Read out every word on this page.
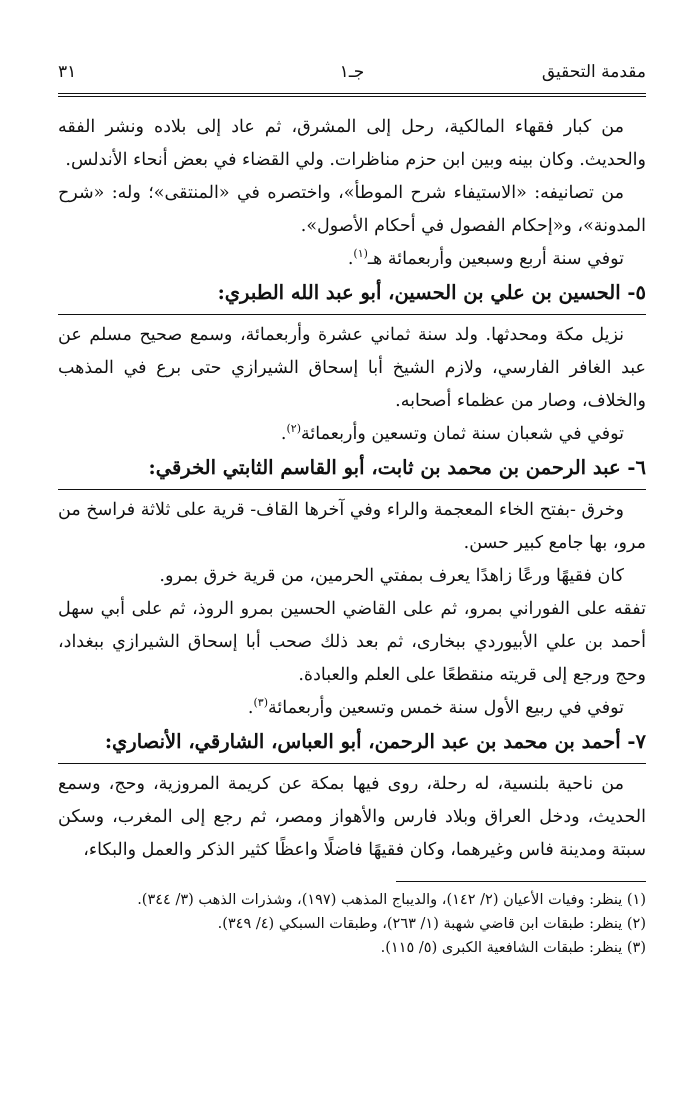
مقدمة التحقيق
جـ١
٣١

من كبار فقهاء المالكية، رحل إلى المشرق، ثم عاد إلى بلاده ونشر الفقه والحديث. وكان بينه وبين ابن حزم مناظرات. ولي القضاء في بعض أنحاء الأندلس.

من تصانيفه: «الاستيفاء شرح الموطأ»، واختصره في «المنتقى»؛ وله: «شرح المدونة»، و«إحكام الفصول في أحكام الأصول».

توفي سنة أربع وسبعين وأربعمائة هـ$^{(١)}$.

٥- الحسين بن علي بن الحسين، أبو عبد الله الطبري:

نزيل مكة ومحدثها. ولد سنة ثماني عشرة وأربعمائة، وسمع صحيح مسلم عن عبد الغافر الفارسي، ولازم الشيخ أبا إسحاق الشيرازي حتى برع في المذهب والخلاف، وصار من عظماء أصحابه.

توفي في شعبان سنة ثمان وتسعين وأربعمائة$^{(٢)}$.

٦- عبد الرحمن بن محمد بن ثابت، أبو القاسم الثابتي الخرقي:

وخرق -بفتح الخاء المعجمة والراء وفي آخرها القاف- قرية على ثلاثة فراسخ من مرو، بها جامع كبير حسن.

كان فقيهًا ورعًا زاهدًا يعرف بمفتي الحرمين، من قرية خرق بمرو.

تفقه على الفوراني بمرو، ثم على القاضي الحسين بمرو الروذ، ثم على أبي سهل أحمد بن علي الأبيوردي ببخارى، ثم بعد ذلك صحب أبا إسحاق الشيرازي ببغداد، وحج ورجع إلى قريته منقطعًا على العلم والعبادة.

توفي في ربيع الأول سنة خمس وتسعين وأربعمائة$^{(٣)}$.

٧- أحمد بن محمد بن عبد الرحمن، أبو العباس، الشارقي، الأنصاري:

من ناحية بلنسية، له رحلة، روى فيها بمكة عن كريمة المروزية، وحج، وسمع الحديث، ودخل العراق وبلاد فارس والأهواز ومصر، ثم رجع إلى المغرب، وسكن سبتة ومدينة فاس وغيرهما، وكان فقيهًا فاضلًا واعظًا كثير الذكر والعمل والبكاء،

(١) ينظر: وفيات الأعيان (٢/ ١٤٢)، والديباج المذهب (١٩٧)، وشذرات الذهب (٣/ ٣٤٤).
(٢) ينظر: طبقات ابن قاضي شهبة (١/ ٢٦٣)، وطبقات السبكي (٤/ ٣٤٩).
(٣) ينظر: طبقات الشافعية الكبرى (٥/ ١١٥).
